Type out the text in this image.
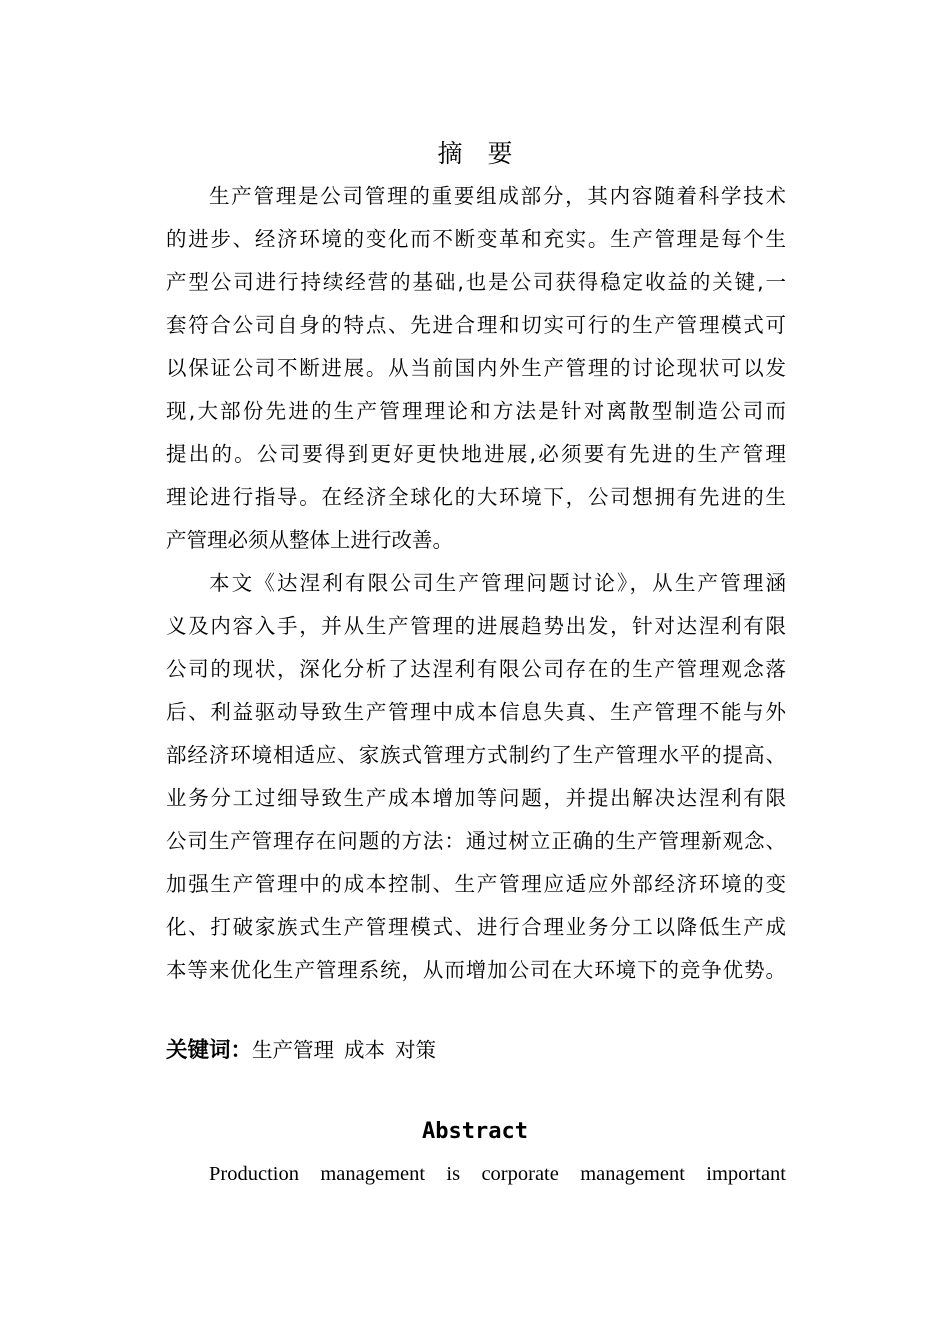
摘　要
生产管理是公司管理的重要组成部分，其内容随着科学技术
的进步、经济环境的变化而不断变革和充实。生产管理是每个生
产型公司进行持续经营的基础,也是公司获得稳定收益的关键,一
套符合公司自身的特点、先进合理和切实可行的生产管理模式可
以保证公司不断进展。从当前国内外生产管理的讨论现状可以发
现,大部份先进的生产管理理论和方法是针对离散型制造公司而
提出的。公司要得到更好更快地进展,必须要有先进的生产管理
理论进行指导。在经济全球化的大环境下，公司想拥有先进的生
产管理必须从整体上进行改善。
本文《达涅利有限公司生产管理问题讨论》，从生产管理涵
义及内容入手，并从生产管理的进展趋势出发，针对达涅利有限
公司的现状，深化分析了达涅利有限公司存在的生产管理观念落
后、利益驱动导致生产管理中成本信息失真、生产管理不能与外
部经济环境相适应、家族式管理方式制约了生产管理水平的提高、
业务分工过细导致生产成本增加等问题，并提出解决达涅利有限
公司生产管理存在问题的方法：通过树立正确的生产管理新观念、
加强生产管理中的成本控制、生产管理应适应外部经济环境的变
化、打破家族式生产管理模式、进行合理业务分工以降低生产成
本等来优化生产管理系统，从而增加公司在大环境下的竞争优势。
关键词：生产管理 成本 对策
Abstract
Production management is corporate management important
